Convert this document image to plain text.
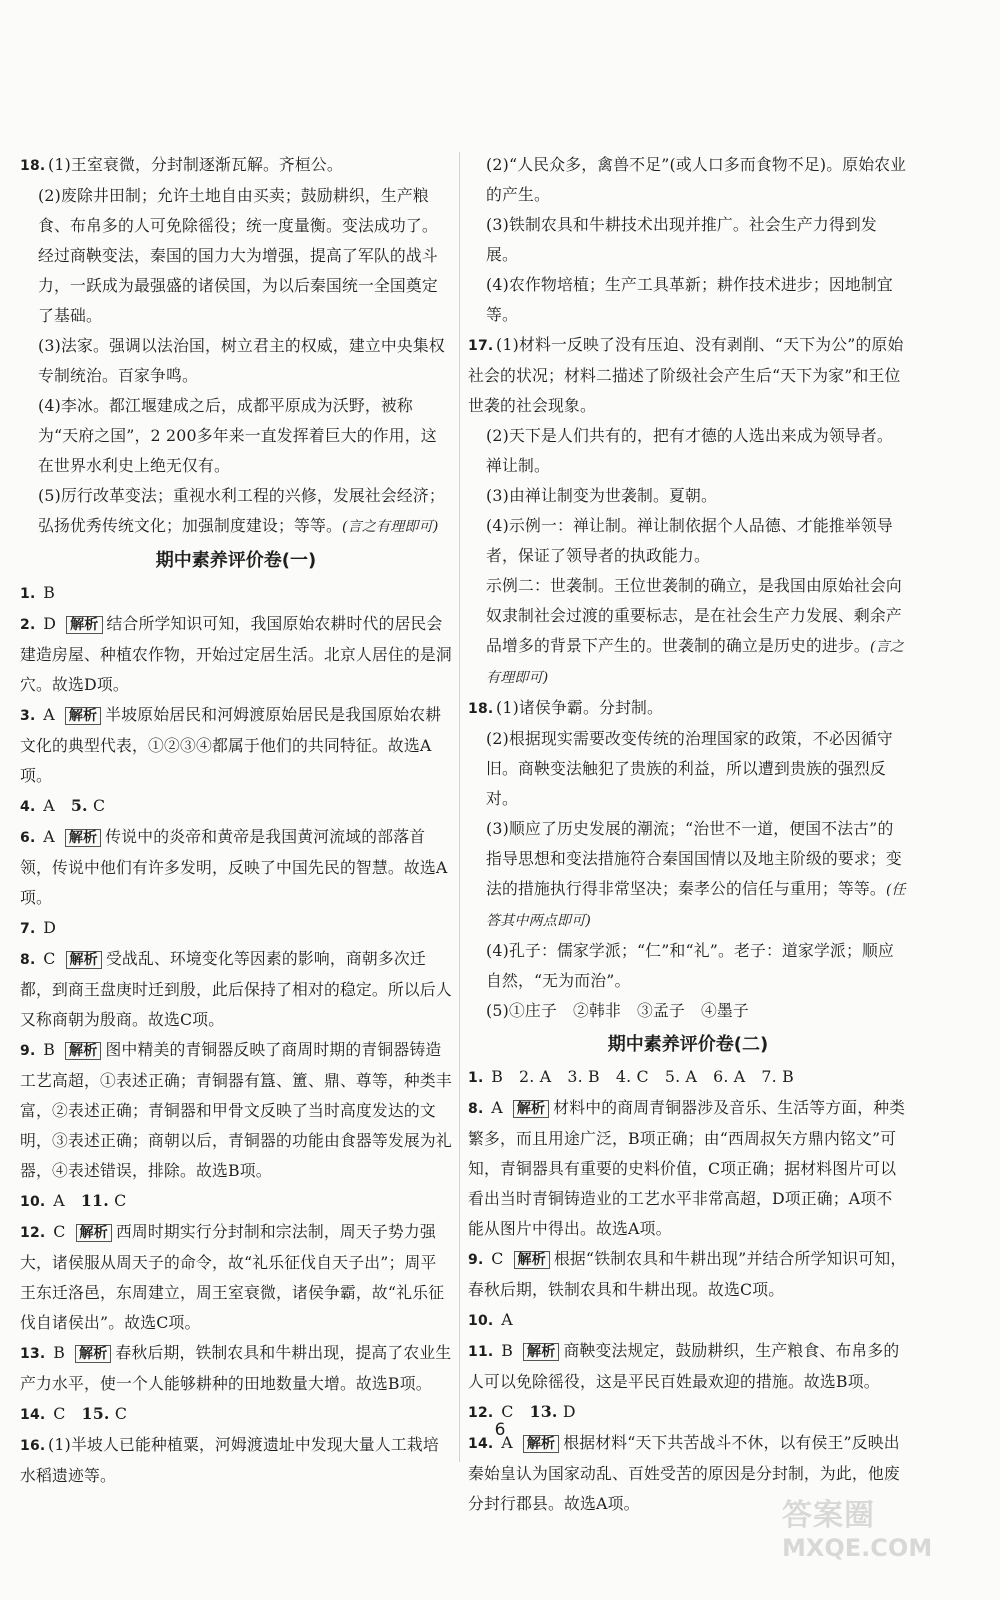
18. (1)王室衰微，分封制逐渐瓦解。齐桓公。
(2)废除井田制；允许土地自由买卖；鼓励耕织，生产粮食、布帛多的人可免除徭役；统一度量衡。变法成功了。经过商鞅变法，秦国的国力大为增强，提高了军队的战斗力，一跃成为最强盛的诸侯国，为以后秦国统一全国奠定了基础。
(3)法家。强调以法治国，树立君主的权威，建立中央集权专制统治。百家争鸣。
(4)李冰。都江堰建成之后，成都平原成为沃野，被称为“天府之国”，2 200多年来一直发挥着巨大的作用，这在世界水利史上绝无仅有。
(5)厉行改革变法；重视水利工程的兴修，发展社会经济；弘扬优秀传统文化；加强制度建设；等等。(言之有理即可)
期中素养评价卷(一)
1. B
2. D 解析 结合所学知识可知，我国原始农耕时代的居民会建造房屋、种植农作物，开始过定居生活。北京人居住的是洞穴。故选D项。
3. A 解析 半坡原始居民和河姆渡原始居民是我国原始农耕文化的典型代表，①②③④都属于他们的共同特征。故选A项。
4. A　 5. C
6. A 解析 传说中的炎帝和黄帝是我国黄河流域的部落首领，传说中他们有许多发明，反映了中国先民的智慧。故选A项。
7. D
8. C 解析 受战乱、环境变化等因素的影响，商朝多次迁都，到商王盘庚时迁到殷，此后保持了相对的稳定。所以后人又称商朝为殷商。故选C项。
9. B 解析 图中精美的青铜器反映了商周时期的青铜器铸造工艺高超，①表述正确；青铜器有簋、簠、鼎、尊等，种类丰富，②表述正确；青铜器和甲骨文反映了当时高度发达的文明，③表述正确；商朝以后，青铜器的功能由食器等发展为礼器，④表述错误，排除。故选B项。
10. A　 11. C
12. C 解析 西周时期实行分封制和宗法制，周天子势力强大，诸侯服从周天子的命令，故“礼乐征伐自天子出”；周平王东迁洛邑，东周建立，周王室衰微，诸侯争霸，故“礼乐征伐自诸侯出”。故选C项。
13. B 解析 春秋后期，铁制农具和牛耕出现，提高了农业生产力水平，使一个人能够耕种的田地数量大增。故选B项。
14. C　 15. C
16. (1)半坡人已能种植粟，河姆渡遗址中发现大量人工栽培水稻遗迹等。
(2)“人民众多，禽兽不足”(或人口多而食物不足)。原始农业的产生。
(3)铁制农具和牛耕技术出现并推广。社会生产力得到发展。
(4)农作物培植；生产工具革新；耕作技术进步；因地制宜等。
17. (1)材料一反映了没有压迫、没有剥削、“天下为公”的原始社会的状况；材料二描述了阶级社会产生后“天下为家”和王位世袭的社会现象。
(2)天下是人们共有的，把有才德的人选出来成为领导者。禅让制。
(3)由禅让制变为世袭制。夏朝。
(4)示例一：禅让制。禅让制依据个人品德、才能推举领导者，保证了领导者的执政能力。
示例二：世袭制。王位世袭制的确立，是我国由原始社会向奴隶制社会过渡的重要标志，是在社会生产力发展、剩余产品增多的背景下产生的。世袭制的确立是历史的进步。(言之有理即可)
18. (1)诸侯争霸。分封制。
(2)根据现实需要改变传统的治理国家的政策，不必因循守旧。商鞅变法触犯了贵族的利益，所以遭到贵族的强烈反对。
(3)顺应了历史发展的潮流；“治世不一道，便国不法古”的指导思想和变法措施符合秦国国情以及地主阶级的要求；变法的措施执行得非常坚决；秦孝公的信任与重用；等等。(任答其中两点即可)
(4)孔子：儒家学派；“仁”和“礼”。老子：道家学派；顺应自然，“无为而治”。
(5)①庄子　②韩非　③孟子　④墨子
期中素养评价卷(二)
1. B　2. A　3. B　4. C　5. A　6. A　7. B
8. A 解析 材料中的商周青铜器涉及音乐、生活等方面，种类繁多，而且用途广泛，B项正确；由“西周叔矢方鼎内铭文”可知，青铜器具有重要的史料价值，C项正确；据材料图片可以看出当时青铜铸造业的工艺水平非常高超，D项正确；A项不能从图片中得出。故选A项。
9. C 解析 根据“铁制农具和牛耕出现”并结合所学知识可知，春秋后期，铁制农具和牛耕出现。故选C项。
10. A
11. B 解析 商鞅变法规定，鼓励耕织，生产粮食、布帛多的人可以免除徭役，这是平民百姓最欢迎的措施。故选B项。
12. C　 13. D
14. A 解析 根据材料“天下共苦战斗不休，以有侯王”反映出秦始皇认为国家动乱、百姓受苦的原因是分封制，为此，他废分封行郡县。故选A项。
6
答案圈
MXQE.COM
